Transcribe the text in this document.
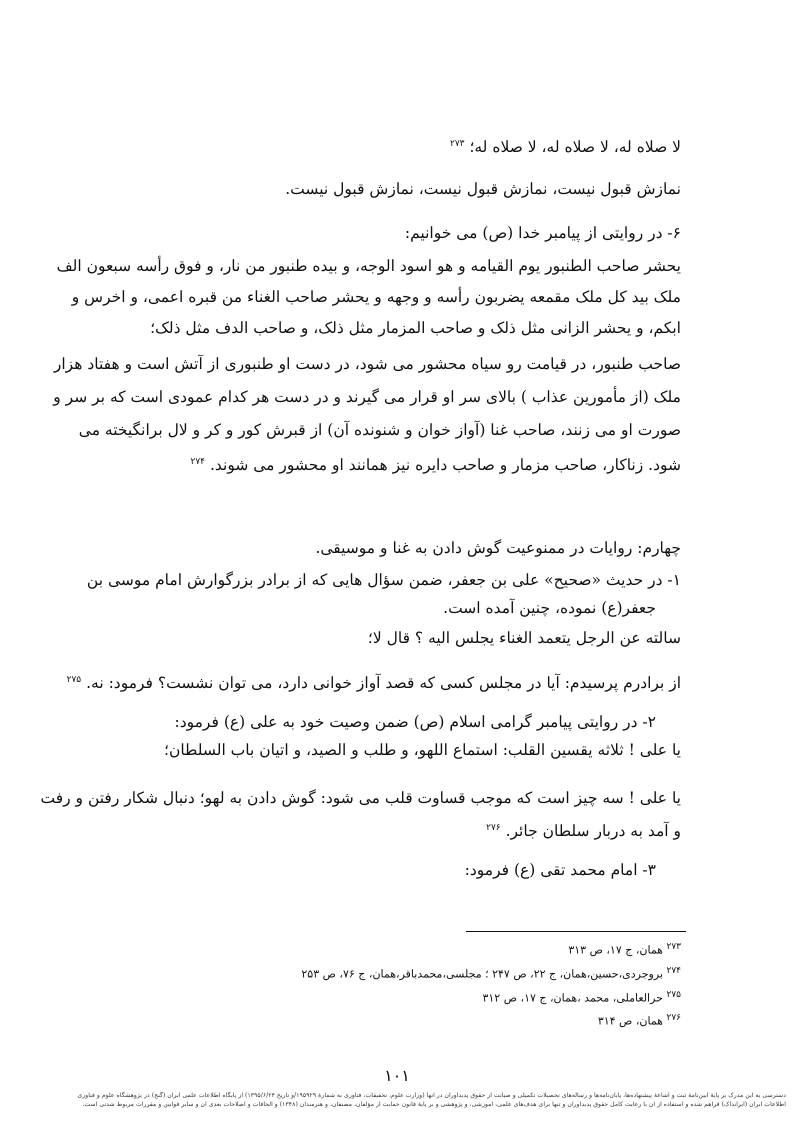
لا صلاه له، لا صلاه له، لا صلاه له؛ $^{۲۷۳}$
نمازش قبول نیست، نمازش قبول نیست، نمازش قبول نیست.
۶- در روایتی از پیامبر خدا (ص) می خوانیم:
یحشر صاحب الطنبور یوم القیامه و هو اسود الوجه، و بیده طنبور من نار، و فوق رأسه سبعون الف
ملک بید کل ملک مقمعه یضربون رأسه و وجهه و یحشر صاحب الغناء من قبره اعمی، و اخرس و
ابکم، و یحشر الزانی مثل ذلک و صاحب المزمار مثل ذلک، و صاحب الدف مثل ذلک؛
صاحب طنبور، در قیامت رو سیاه محشور می شود، در دست او طنبوری از آتش است و هفتاد هزار
ملک (از مأمورین عذاب ) بالای سر او قرار می گیرند و در دست هر کدام عمودی است که بر سر و
صورت او می زنند، صاحب غنا (آواز خوان و شنونده آن) از قبرش کور و کر و لال برانگیخته می
شود. زناکار، صاحب مزمار و صاحب دایره نیز همانند او محشور می شوند. $^{۲۷۴}$
چهارم: روایات در ممنوعیت گوش دادن به غنا و موسیقی.
۱- در حدیث «صحیح» علی بن جعفر، ضمن سؤال هایی که از برادر بزرگوارش امام موسی بن
جعفر(ع) نموده، چنین آمده است.
سالته عن الرجل یتعمد الغناء یجلس الیه ؟ قال لا؛
از برادرم پرسیدم: آیا در مجلس کسی که قصد آواز خوانی دارد، می توان نشست؟ فرمود: نه. $^{۲۷۵}$
۲- در روایتی پیامبر گرامی اسلام (ص) ضمن وصیت خود به علی (ع) فرمود:
یا علی ! ثلاثه یقسین القلب: استماع اللهو، و طلب و الصید، و اتیان باب السلطان؛
یا علی ! سه چیز است که موجب قساوت قلب می شود: گوش دادن به لهو؛ دنبال شکار رفتن و رفت
و آمد به دربار سلطان جائر. $^{۲۷۶}$
۳- امام محمد تقی (ع) فرمود:
$^{۲۷۳}$ همان، ج ۱۷، ص ۳۱۳
$^{۲۷۴}$ بروجردی،حسین،همان، ج ۲۲، ص ۲۴۷ ؛ مجلسی،محمدباقر،همان، ج ۷۶، ص ۲۵۳
$^{۲۷۵}$ حرالعاملی، محمد ،همان، ج ۱۷، ص ۳۱۲
$^{۲۷۶}$ همان، ص ۳۱۴
۱۰۱
دسترسی به این مدرک بر پایهٔ آیین‌نامهٔ ثبت و اشاعهٔ پیشنهاده‌ها، پایان‌نامه‌ها و رساله‌های تحصیلات تکمیلی و صیانت از حقوق پدیدآوران در آنها (وزارت علوم، تحقیقات، فناوری به شمارهٔ ۱۹۵۹۲۹/و تاریخ ۱۳۹۵/۶/۲۴) از پایگاه اطلاعات علمی ایران (گنج) در پژوهشگاه علوم و فناوری
اطلاعات ایران (ایرانداک) فراهم شده و استفاده از آن با رعایت کامل حقوق پدیدآوران و تنها برای هدف‌های علمی، آموزشی، و پژوهشی و بر پایهٔ قانون حمایت از مؤلفان، مصنفان، و هنرمندان (۱۳۴۸) و الحاقات و اصلاحات بعدی آن و سایر قوانین و مقررات مربوط شدنی است.
